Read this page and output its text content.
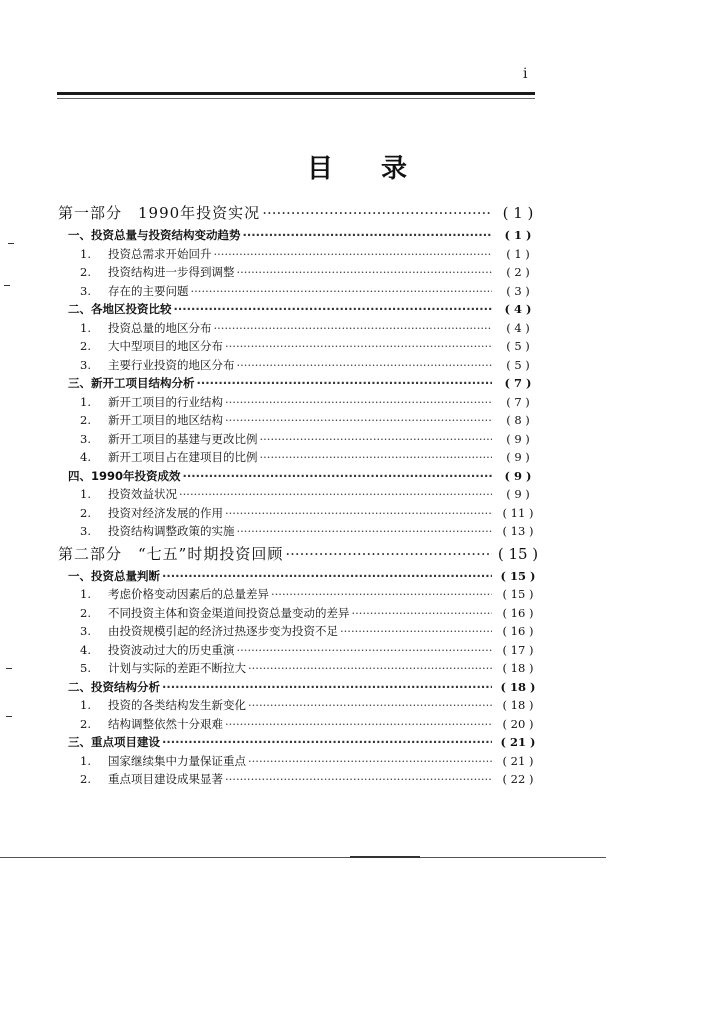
i
目录
第一部分　1990年投资实况 ·····	( 1 )
一、投资总量与投资结构变动趋势 ·····	( 1 )
1.	投资总需求开始回升 ·····	( 1 )
2.	投资结构进一步得到调整 ·····	( 2 )
3.	存在的主要问题 ·····	( 3 )
二、各地区投资比较 ·····	( 4 )
1.	投资总量的地区分布 ·····	( 4 )
2.	大中型项目的地区分布 ·····	( 5 )
3.	主要行业投资的地区分布 ·····	( 5 )
三、新开工项目结构分析 ·····	( 7 )
1.	新开工项目的行业结构 ·····	( 7 )
2.	新开工项目的地区结构 ·····	( 8 )
3.	新开工项目的基建与更改比例 ·····	( 9 )
4.	新开工项目占在建项目的比例 ·····	( 9 )
四、1990年投资成效 ·····	( 9 )
1.	投资效益状况 ·····	( 9 )
2.	投资对经济发展的作用 ·····	( 11 )
3.	投资结构调整政策的实施 ·····	( 13 )
第二部分　“七五”时期投资回顾 ·····	( 15 )
一、投资总量判断 ·····	( 15 )
1.	考虑价格变动因素后的总量差异 ·····	( 15 )
2.	不同投资主体和资金渠道间投资总量变动的差异 ·····	( 16 )
3.	由投资规模引起的经济过热逐步变为投资不足 ·····	( 16 )
4.	投资波动过大的历史重演 ·····	( 17 )
5.	计划与实际的差距不断拉大 ·····	( 18 )
二、投资结构分析 ·····	( 18 )
1.	投资的各类结构发生新变化 ·····	( 18 )
2.	结构调整依然十分艰难 ·····	( 20 )
三、重点项目建设 ·····	( 21 )
1.	国家继续集中力量保证重点 ·····	( 21 )
2.	重点项目建设成果显著 ·····	( 22 )
